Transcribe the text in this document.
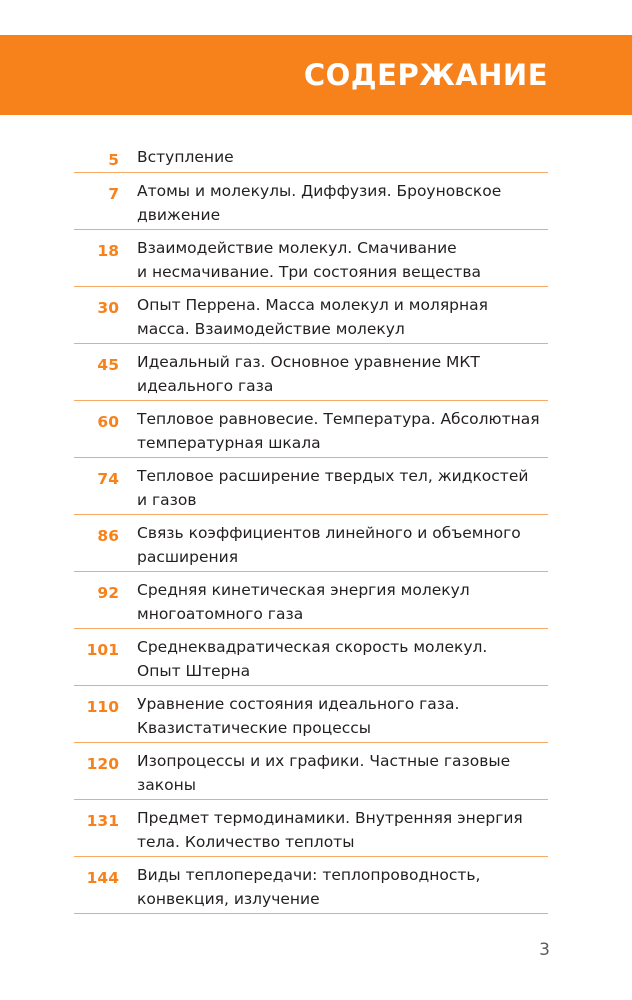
СОДЕРЖАНИЕ
5 Вступление
7 Атомы и молекулы. Диффузия. Броуновское
движение
18 Взаимодействие молекул. Смачивание
и несмачивание. Три состояния вещества
30 Опыт Перрена. Масса молекул и молярная
масса. Взаимодействие молекул
45 Идеальный газ. Основное уравнение МКТ
идеального газа
60 Тепловое равновесие. Температура. Абсолютная
температурная шкала
74 Тепловое расширение твердых тел, жидкостей
и газов
86 Связь коэффициентов линейного и объемного
расширения
92 Средняя кинетическая энергия молекул
многоатомного газа
101 Среднеквадратическая скорость молекул.
Опыт Штерна
110 Уравнение состояния идеального газа.
Квазистатические процессы
120 Изопроцессы и их графики. Частные газовые
законы
131 Предмет термодинамики. Внутренняя энергия
тела. Количество теплоты
144 Виды теплопередачи: теплопроводность,
конвекция, излучение
3
